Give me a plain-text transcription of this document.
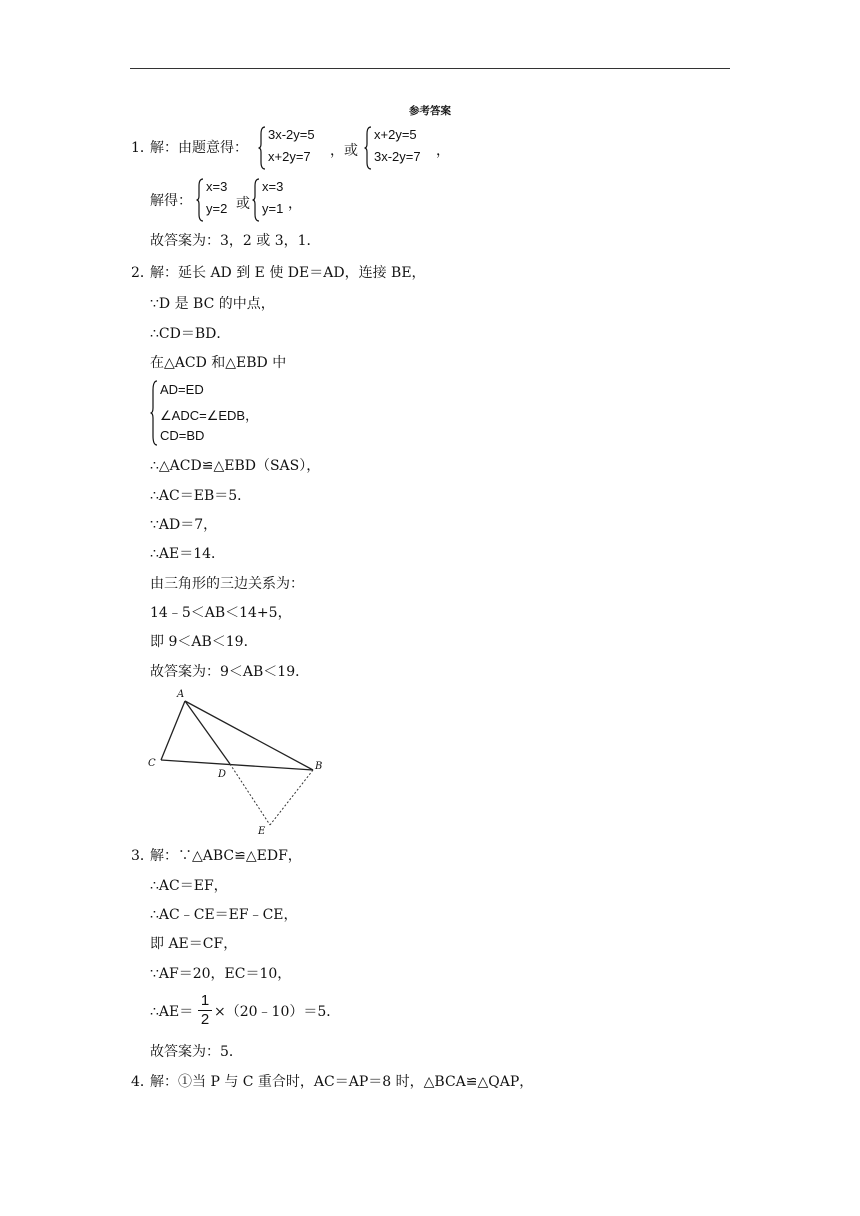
参考答案
1．
解：由题意得：
3x-2y=5
x+2y=7 ，或
x+2y=5
3x-2y=7 ，
解得：
x=3
y=2 或
x=3
y=1 ，
故答案为：3，2 或 3，1．
2．
解：延长 AD 到 E 使 DE＝AD，连接 BE，
∵D 是 BC 的中点，
∴CD＝BD．
在△ACD 和△EBD 中
AD=ED
∠ADC=∠EDB，
CD=BD
∴△ACD≌△EBD（SAS），
∴AC＝EB＝5．
∵AD＝7，
∴AE＝14．
由三角形的三边关系为：
14﹣5＜AB＜14+5，
即 9＜AB＜19．
故答案为：9＜AB＜19．
A
C
D
B
E
3．
解：∵△ABC≌△EDF，
∴AC＝EF，
∴AC﹣CE＝EF﹣CE，
即 AE＝CF，
∵AF＝20，EC＝10，
∴AE＝
1
2 ×（20﹣10）＝5．
故答案为：5．
4．
解：①当 P 与 C 重合时，AC＝AP＝8 时，△BCA≌△QAP，
